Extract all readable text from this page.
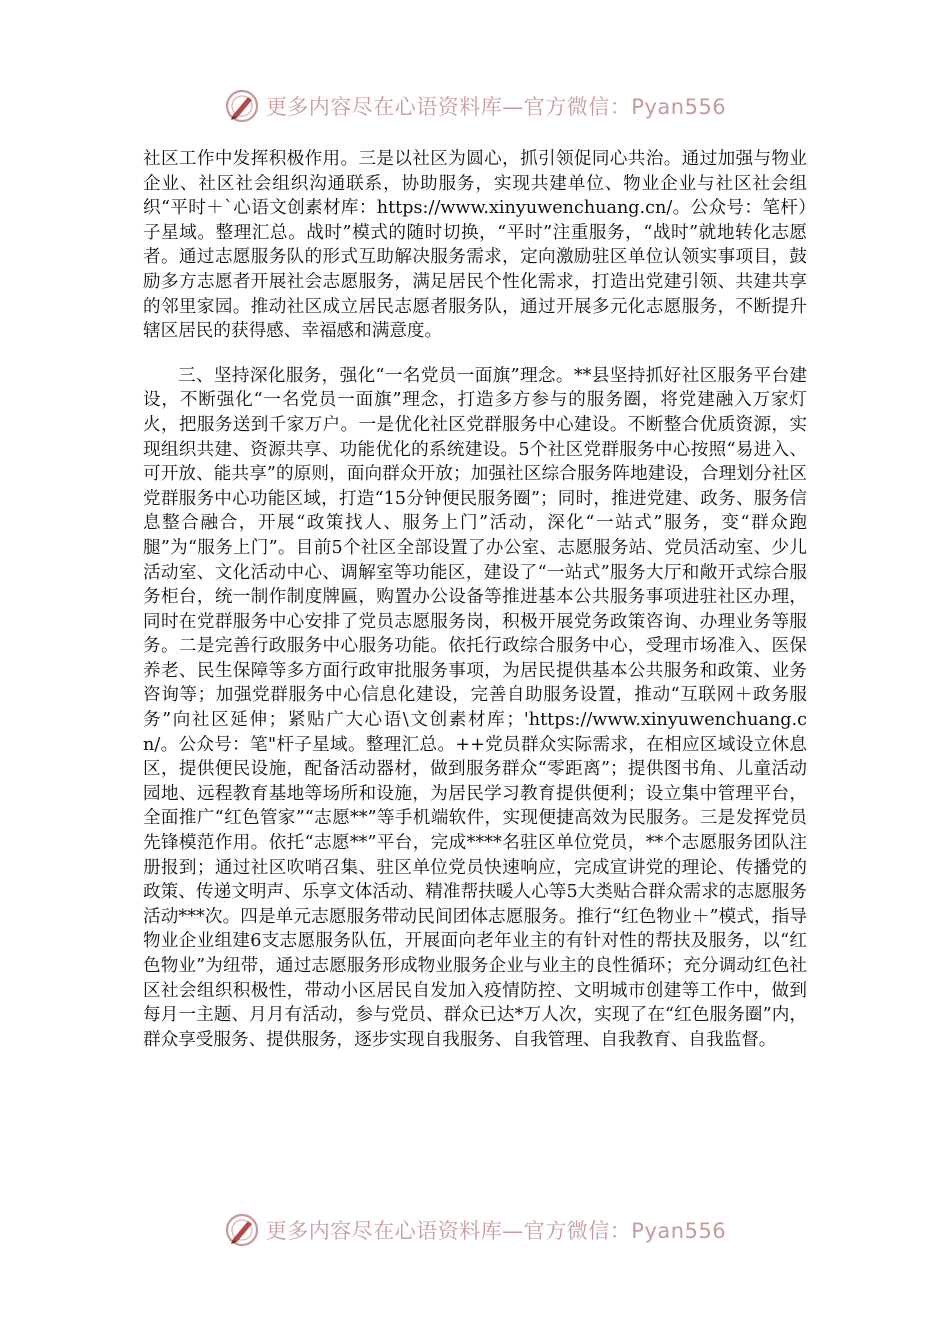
更多内容尽在心语资料库—官方微信：Pyan556

社区工作中发挥积极作用。三是以社区为圆心，抓引领促同心共治。通过加强与物业企业、社区社会组织沟通联系，协助服务，实现共建单位、物业企业与社区社会组织“平时＋`心语文创素材库：https://www.xinyuwenchuang.cn/。公众号：笔杆）子星域。整理汇总。战时”模式的随时切换，“平时”注重服务，“战时”就地转化志愿者。通过志愿服务队的形式互助解决服务需求，定向激励驻区单位认领实事项目，鼓励多方志愿者开展社会志愿服务，满足居民个性化需求，打造出党建引领、共建共享的邻里家园。推动社区成立居民志愿者服务队，通过开展多元化志愿服务，不断提升辖区居民的获得感、幸福感和满意度。

三、坚持深化服务，强化“一名党员一面旗”理念。**县坚持抓好社区服务平台建设，不断强化“一名党员一面旗”理念，打造多方参与的服务圈，将党建融入万家灯火，把服务送到千家万户。一是优化社区党群服务中心建设。不断整合优质资源，实现组织共建、资源共享、功能优化的系统建设。5个社区党群服务中心按照“易进入、可开放、能共享”的原则，面向群众开放；加强社区综合服务阵地建设，合理划分社区党群服务中心功能区域，打造“15分钟便民服务圈”；同时，推进党建、政务、服务信息整合融合，开展“政策找人、服务上门”活动，深化“一站式”服务，变“群众跑腿”为“服务上门”。目前5个社区全部设置了办公室、志愿服务站、党员活动室、少儿活动室、文化活动中心、调解室等功能区，建设了“一站式”服务大厅和敞开式综合服务柜台，统一制作制度牌匾，购置办公设备等推进基本公共服务事项进驻社区办理，同时在党群服务中心安排了党员志愿服务岗，积极开展党务政策咨询、办理业务等服务。二是完善行政服务中心服务功能。依托行政综合服务中心，受理市场准入、医保养老、民生保障等多方面行政审批服务事项，为居民提供基本公共服务和政策、业务咨询等；加强党群服务中心信息化建设，完善自助服务设置，推动“互联网＋政务服务”向社区延伸；紧贴广大心语\文创素材库；'https://www.xinyuwenchuang.cn/。公众号：笔"杆子星域。整理汇总。++党员群众实际需求，在相应区域设立休息区，提供便民设施，配备活动器材，做到服务群众“零距离”；提供图书角、儿童活动园地、远程教育基地等场所和设施，为居民学习教育提供便利；设立集中管理平台，全面推广“红色管家”“志愿**”等手机端软件，实现便捷高效为民服务。三是发挥党员先锋模范作用。依托“志愿**”平台，完成****名驻区单位党员，**个志愿服务团队注册报到；通过社区吹哨召集、驻区单位党员快速响应，完成宣讲党的理论、传播党的政策、传递文明声、乐享文体活动、精准帮扶暖人心等5大类贴合群众需求的志愿服务活动***次。四是单元志愿服务带动民间团体志愿服务。推行“红色物业＋”模式，指导物业企业组建6支志愿服务队伍，开展面向老年业主的有针对性的帮扶及服务，以“红色物业”为纽带，通过志愿服务形成物业服务企业与业主的良性循环；充分调动红色社区社会组织积极性，带动小区居民自发加入疫情防控、文明城市创建等工作中，做到每月一主题、月月有活动，参与党员、群众已达*万人次，实现了在“红色服务圈”内，群众享受服务、提供服务，逐步实现自我服务、自我管理、自我教育、自我监督。

更多内容尽在心语资料库—官方微信：Pyan556
